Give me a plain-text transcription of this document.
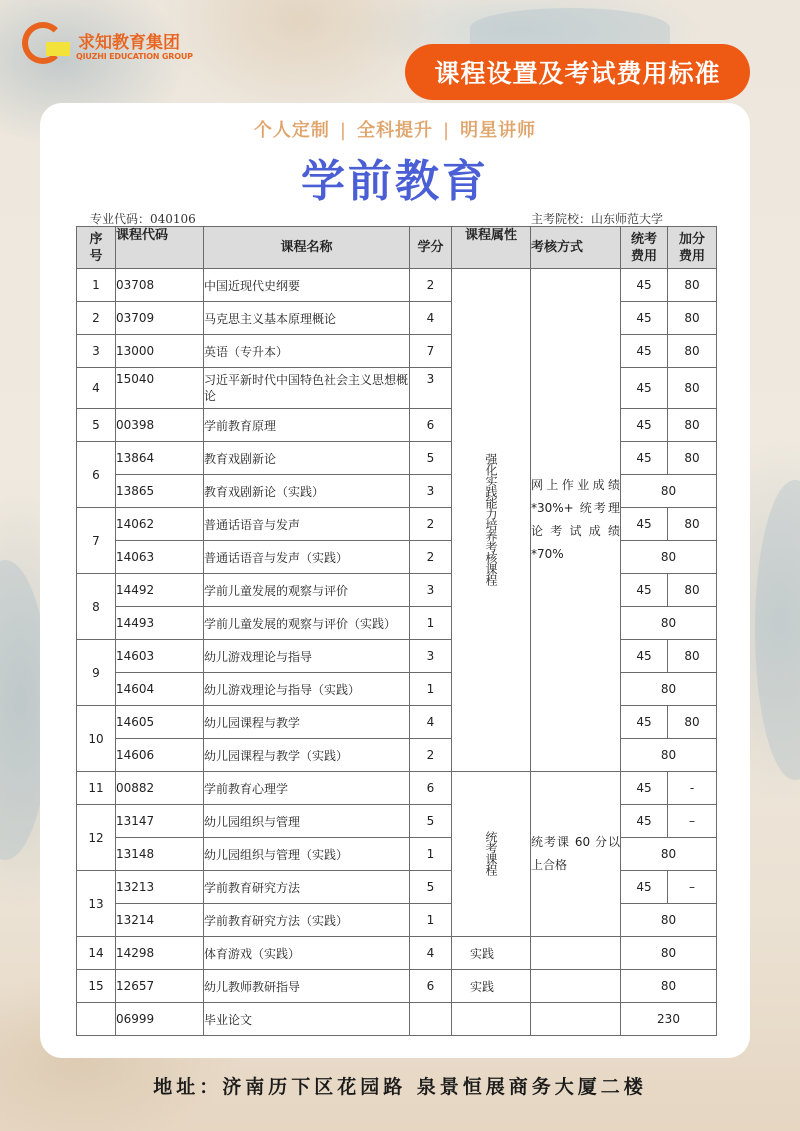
求知教育集团
QIUZHI EDUCATION GROUP
课程设置及考试费用标准
个人定制 | 全科提升 | 明星讲师
学前教育
专业代码：040106	主考院校：山东师范大学
序号	课程代码	课程名称	学分	课程属性	考核方式	统考费用	加分费用
1	03708	中国近现代史纲要	2	强化实践能力培养考核课程	网上作业成绩*30%+ 统考理论考试成绩*70%	45	80
2	03709	马克思主义基本原理概论	4			45	80
3	13000	英语（专升本）	7			45	80
4	15040	习近平新时代中国特色社会主义思想概论	3			45	80
5	00398	学前教育原理	6			45	80
6	13864	教育戏剧新论	5			45	80
	13865	教育戏剧新论（实践）	3			80	
7	14062	普通话语音与发声	2			45	80
	14063	普通话语音与发声（实践）	2			80	
8	14492	学前儿童发展的观察与评价	3			45	80
	14493	学前儿童发展的观察与评价（实践）	1			80	
9	14603	幼儿游戏理论与指导	3			45	80
	14604	幼儿游戏理论与指导（实践）	1			80	
10	14605	幼儿园课程与教学	4			45	80
	14606	幼儿园课程与教学（实践）	2			80	
11	00882	学前教育心理学	6	统考课程	统考课 60 分以上合格	45	-
12	13147	幼儿园组织与管理	5			45	–
	13148	幼儿园组织与管理（实践）	1			80	
13	13213	学前教育研究方法	5			45	–
	13214	学前教育研究方法（实践）	1			80	
14	14298	体育游戏（实践）	4	实践		80	
15	12657	幼儿教师教研指导	6	实践		80	
	06999	毕业论文				230	
地址：济南历下区花园路 泉景恒展商务大厦二楼
